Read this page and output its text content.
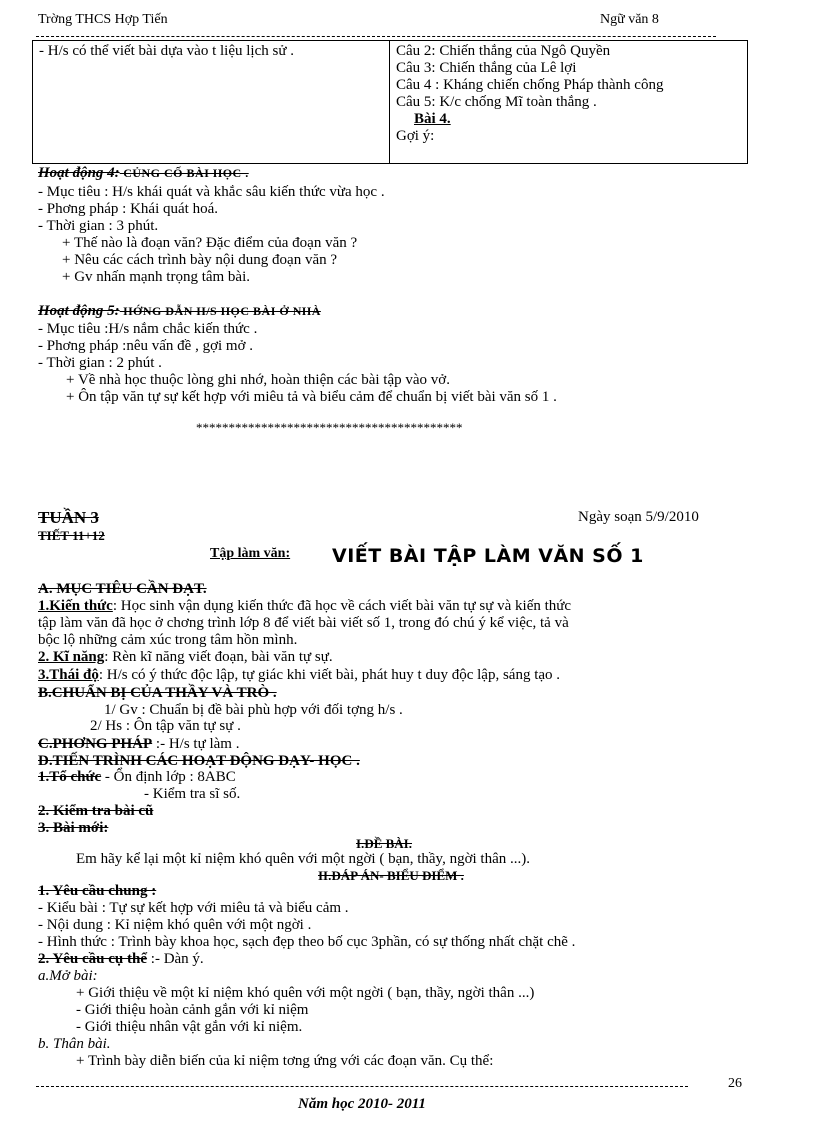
Trờng THCS Hợp Tiến	Ngữ văn 8
- H/s có thể viết bài dựa vào t liệu lịch sử .	Câu 2: Chiến thắng của Ngô Quyền
Câu 3: Chiến thắng của Lê lợi
Câu 4 : Kháng chiến chống Pháp thành công
Câu 5: K/c chống Mĩ toàn thắng .
Bài 4.
Gợi ý:
Hoạt động 4: CỦNG CỐ BÀI HỌC .
- Mục tiêu : H/s khái quát và khắc sâu kiến thức vừa học .
- Phơng pháp : Khái quát hoá.
- Thời gian : 3 phút.
+ Thế nào là đoạn văn? Đặc điểm của đoạn văn ?
+ Nêu các cách trình bày nội dung đoạn văn ?
+ Gv nhấn mạnh trọng tâm bài.
Hoạt động 5: HỚNG DẪN H/S HỌC BÀI Ở NHÀ
- Mục tiêu :H/s nắm chắc kiến thức .
- Phơng pháp :nêu vấn đề , gợi mở .
- Thời gian : 2 phút .
+ Về nhà học thuộc lòng ghi nhớ, hoàn thiện các bài tập vào vở.
+ Ôn tập văn tự sự kết hợp với miêu tả và biểu cảm để chuẩn bị viết bài văn số 1 .
*****************************************
TUẦN 3
TIẾT 11+12
Ngày soạn 5/9/2010
Tập làm văn: VIẾT BÀI TẬP LÀM VĂN SỐ 1
A. MỤC TIÊU CẦN ĐẠT.
1.Kiến thức: Học sinh vận dụng kiến thức đã học về cách viết bài văn tự sự và kiến thức
tập làm văn đã học ở chơng trình lớp 8 để viết bài viết số 1, trong đó chú ý kể việc, tả và
bộc lộ những cảm xúc trong tâm hồn mình.
2. Kĩ năng: Rèn kĩ năng viết đoạn, bài văn tự sự.
3.Thái độ: H/s có ý thức độc lập, tự giác khi viết bài, phát huy t duy độc lập, sáng tạo .
B.CHUẨN BỊ CỦA THẦY VÀ TRÒ .
1/ Gv : Chuẩn bị đề bài phù hợp với đối tợng h/s .
2/ Hs : Ôn tập văn tự sự .
C.PHƠNG PHÁP :- H/s tự làm .
D.TIẾN TRÌNH CÁC HOẠT ĐỘNG DẠY- HỌC .
1.Tổ chức - Ổn định lớp : 8ABC
- Kiểm tra sĩ số.
2. Kiểm tra bài cũ
3. Bài mới:
I.ĐỀ BÀI.
Em hãy kể lại một kỉ niệm khó quên với một ngời ( bạn, thầy, ngời thân ...).
II.ĐÁP ÁN- BIỂU ĐIỂM .
1. Yêu cầu chung :
- Kiểu bài : Tự sự kết hợp với miêu tả và biểu cảm .
- Nội dung : Kỉ niệm khó quên với một ngời .
- Hình thức : Trình bày khoa học, sạch đẹp theo bố cục 3phần, có sự thống nhất chặt chẽ .
2. Yêu cầu cụ thể :- Dàn ý.
a.Mở bài:
+ Giới thiệu về một kỉ niệm khó quên với một ngời ( bạn, thầy, ngời thân ...)
- Giới thiệu hoàn cảnh gắn với kỉ niệm
- Giới thiệu nhân vật gắn với kỉ niệm.
b. Thân bài.
+ Trình bày diễn biến của kỉ niệm tơng ứng với các đoạn văn. Cụ thể:
26
Năm học 2010- 2011
